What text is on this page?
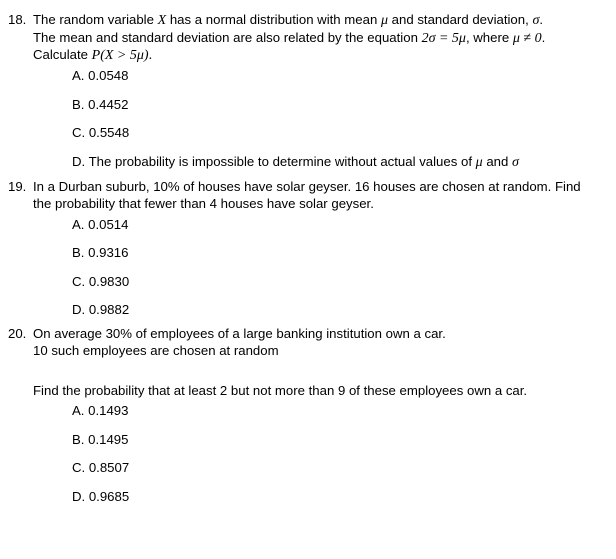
18. The random variable X has a normal distribution with mean μ and standard deviation, σ.
The mean and standard deviation are also related by the equation 2σ = 5μ, where μ ≠ 0.
Calculate P(X > 5μ).
A. 0.0548
B. 0.4452
C. 0.5548
D. The probability is impossible to determine without actual values of μ and σ
19. In a Durban suburb, 10% of houses have solar geyser. 16 houses are chosen at random. Find
the probability that fewer than 4 houses have solar geyser.
A. 0.0514
B. 0.9316
C. 0.9830
D. 0.9882
20. On average 30% of employees of a large banking institution own a car.
10 such employees are chosen at random
Find the probability that at least 2 but not more than 9 of these employees own a car.
A. 0.1493
B. 0.1495
C. 0.8507
D. 0.9685
